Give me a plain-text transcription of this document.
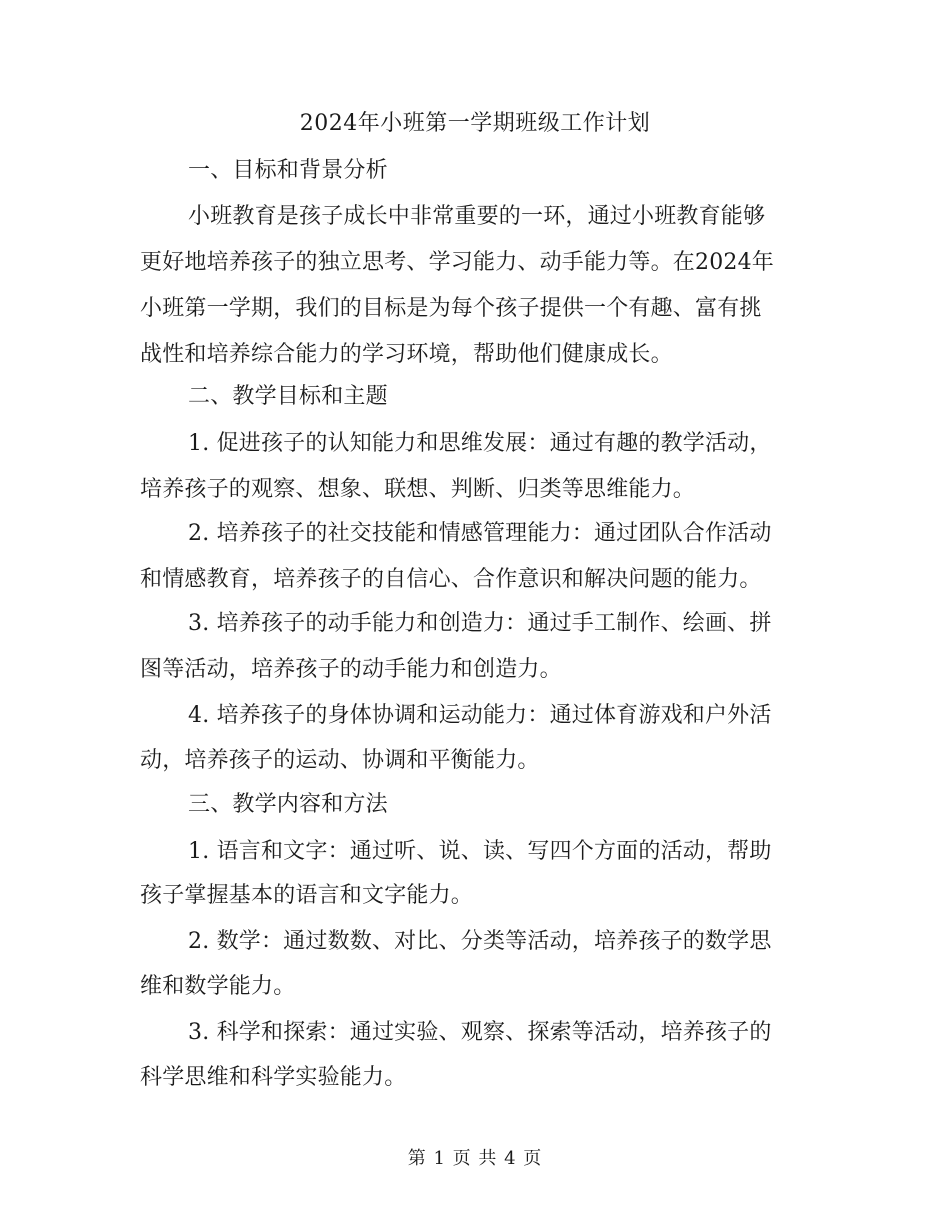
2024年小班第一学期班级工作计划
一、目标和背景分析
小班教育是孩子成长中非常重要的一环，通过小班教育能够
更好地培养孩子的独立思考、学习能力、动手能力等。在2024年
小班第一学期，我们的目标是为每个孩子提供一个有趣、富有挑
战性和培养综合能力的学习环境，帮助他们健康成长。
二、教学目标和主题
1. 促进孩子的认知能力和思维发展：通过有趣的教学活动，
培养孩子的观察、想象、联想、判断、归类等思维能力。
2. 培养孩子的社交技能和情感管理能力：通过团队合作活动
和情感教育，培养孩子的自信心、合作意识和解决问题的能力。
3. 培养孩子的动手能力和创造力：通过手工制作、绘画、拼
图等活动，培养孩子的动手能力和创造力。
4. 培养孩子的身体协调和运动能力：通过体育游戏和户外活
动，培养孩子的运动、协调和平衡能力。
三、教学内容和方法
1. 语言和文字：通过听、说、读、写四个方面的活动，帮助
孩子掌握基本的语言和文字能力。
2. 数学：通过数数、对比、分类等活动，培养孩子的数学思
维和数学能力。
3. 科学和探索：通过实验、观察、探索等活动，培养孩子的
科学思维和科学实验能力。
第 1 页 共 4 页
